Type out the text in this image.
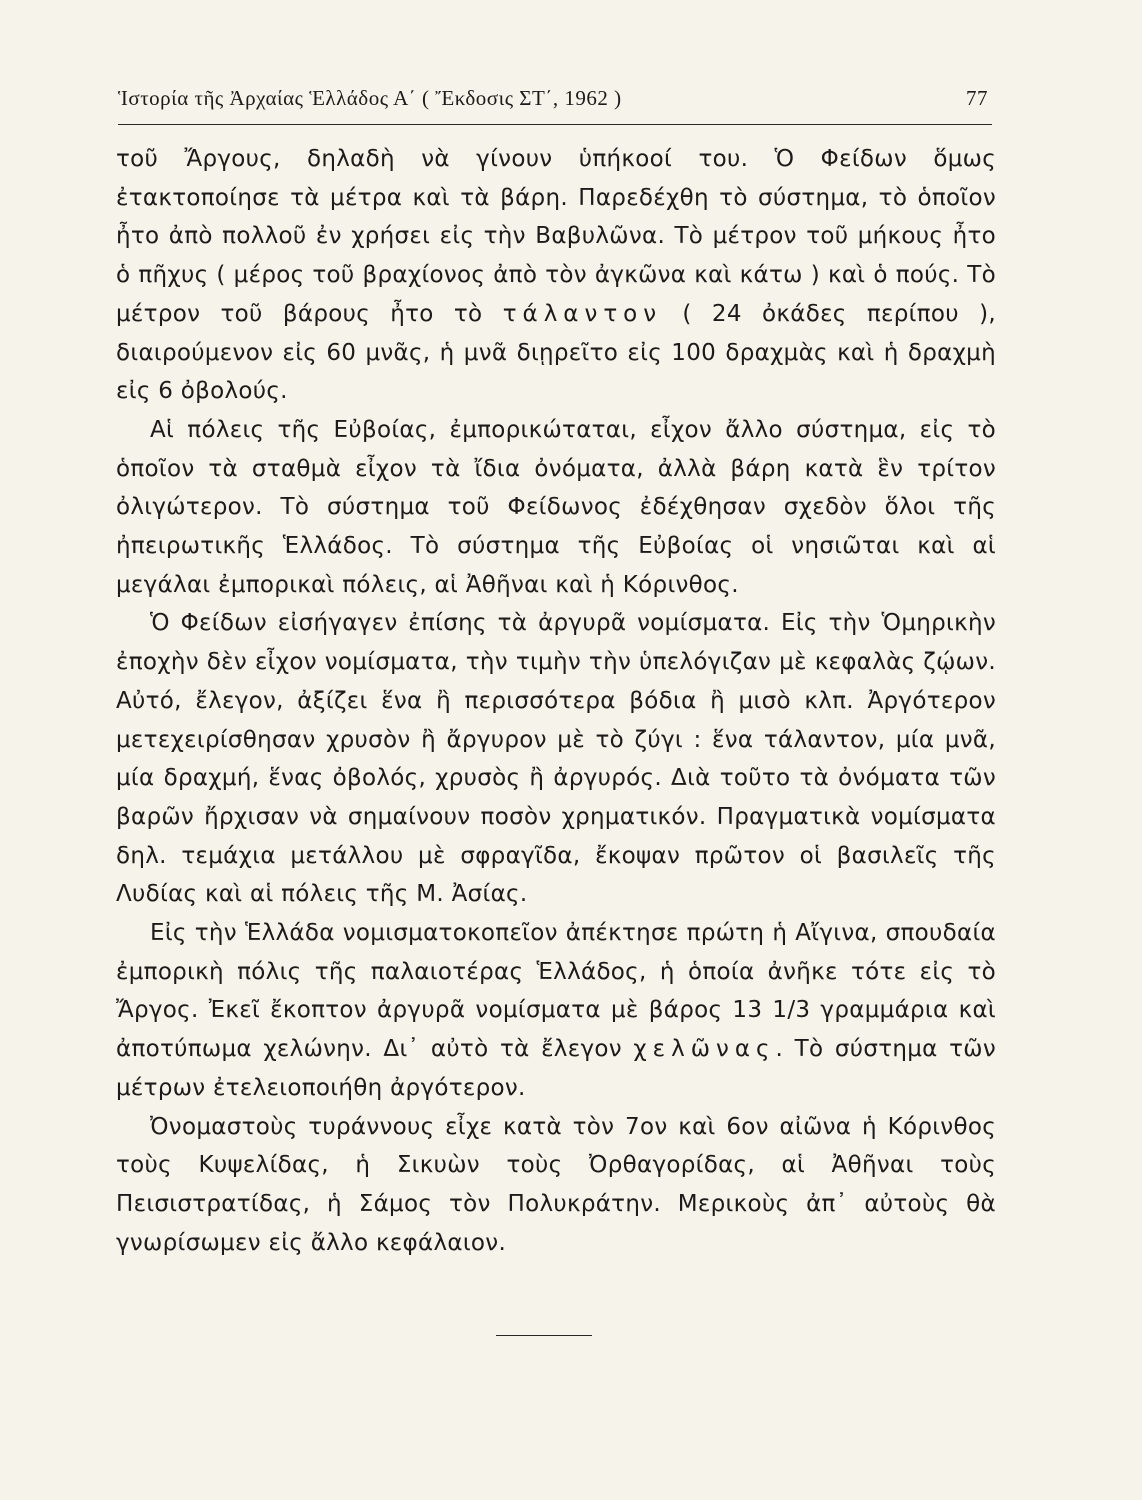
Ἱστορία τῆς Ἀρχαίας Ἑλλάδος Α΄ ( Ἔκδοσις ΣΤ΄, 1962 )	77

τοῦ Ἄργους, δηλαδὴ νὰ γίνουν ὑπήκοοί του. Ὁ Φείδων ὅμως ἐτακτοποίησε τὰ μέτρα καὶ τὰ βάρη. Παρεδέχθη τὸ σύστημα, τὸ ὁποῖον ἦτο ἀπὸ πολλοῦ ἐν χρήσει εἰς τὴν Βαβυλῶνα. Τὸ μέτρον τοῦ μήκους ἦτο ὁ πῆχυς ( μέρος τοῦ βραχίονος ἀπὸ τὸν ἀγκῶνα καὶ κάτω ) καὶ ὁ πούς. Τὸ μέτρον τοῦ βάρους ἦτο τὸ τάλαντον ( 24 ὀκάδες περίπου ), διαιρούμενον εἰς 60 μνᾶς, ἡ μνᾶ διῃρεῖτο εἰς 100 δραχμὰς καὶ ἡ δραχμὴ εἰς 6 ὀβολούς.

Αἱ πόλεις τῆς Εὐβοίας, ἐμπορικώταται, εἶχον ἄλλο σύστημα, εἰς τὸ ὁποῖον τὰ σταθμὰ εἶχον τὰ ἴδια ὀνόματα, ἀλλὰ βάρη κατὰ ἓν τρίτον ὀλιγώτερον. Τὸ σύστημα τοῦ Φείδωνος ἐδέχθησαν σχεδὸν ὅλοι τῆς ἠπειρωτικῆς Ἑλλάδος. Τὸ σύστημα τῆς Εὐβοίας οἱ νησιῶται καὶ αἱ μεγάλαι ἐμπορικαὶ πόλεις, αἱ Ἀθῆναι καὶ ἡ Κόρινθος.

Ὁ Φείδων εἰσήγαγεν ἐπίσης τὰ ἀργυρᾶ νομίσματα. Εἰς τὴν Ὁμηρικὴν ἐποχὴν δὲν εἶχον νομίσματα, τὴν τιμὴν τὴν ὑπελόγιζαν μὲ κεφαλὰς ζῴων. Αὐτό, ἔλεγον, ἀξίζει ἕνα ἢ περισσότερα βόδια ἢ μισὸ κλπ. Ἀργότερον μετεχειρίσθησαν χρυσὸν ἢ ἄργυρον μὲ τὸ ζύγι : ἕνα τάλαντον, μία μνᾶ, μία δραχμή, ἕνας ὀβολός, χρυσὸς ἢ ἀργυρός. Διὰ τοῦτο τὰ ὀνόματα τῶν βαρῶν ἤρχισαν νὰ σημαίνουν ποσὸν χρηματικόν. Πραγματικὰ νομίσματα δηλ. τεμάχια μετάλλου μὲ σφραγῖδα, ἔκοψαν πρῶτον οἱ βασιλεῖς τῆς Λυδίας καὶ αἱ πόλεις τῆς Μ. Ἀσίας.

Εἰς τὴν Ἑλλάδα νομισματοκοπεῖον ἀπέκτησε πρώτη ἡ Αἴγινα, σπουδαία ἐμπορικὴ πόλις τῆς παλαιοτέρας Ἑλλάδος, ἡ ὁποία ἀνῆκε τότε εἰς τὸ Ἄργος. Ἐκεῖ ἔκοπτον ἀργυρᾶ νομίσματα μὲ βάρος 13 1/3 γραμμάρια καὶ ἀποτύπωμα χελώνην. Δι᾿ αὐτὸ τὰ ἔλεγον χελῶνας. Τὸ σύστημα τῶν μέτρων ἐτελειοποιήθη ἀργότερον.

Ὀνομαστοὺς τυράννους εἶχε κατὰ τὸν 7ον καὶ 6ον αἰῶνα ἡ Κόρινθος τοὺς Κυψελίδας, ἡ Σικυὼν τοὺς Ὀρθαγορίδας, αἱ Ἀθῆναι τοὺς Πεισιστρατίδας, ἡ Σάμος τὸν Πολυκράτην. Μερικοὺς ἀπ᾿ αὐτοὺς θὰ γνωρίσωμεν εἰς ἄλλο κεφάλαιον.
